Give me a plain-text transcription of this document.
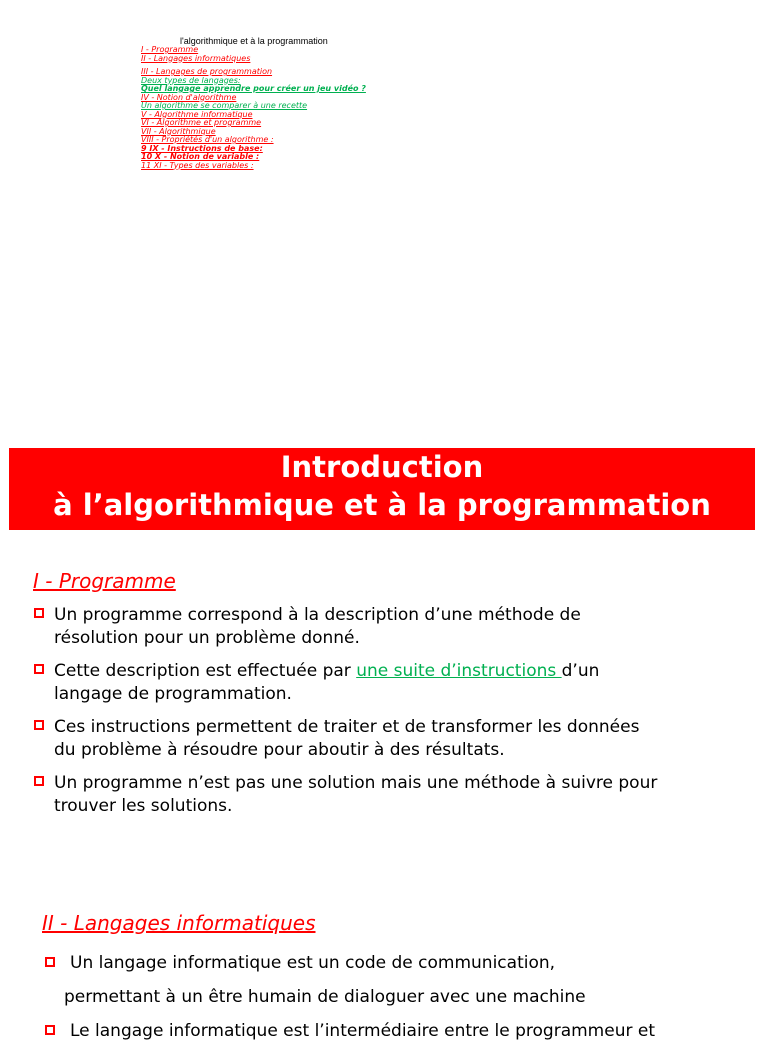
l'algorithmique et à la programmation
I - Programme
II - Langages informatiques
III - Langages de programmation
Deux types de langages:
Quel langage apprendre pour créer un jeu vidéo ?
IV - Notion d'algorithme
Un algorithme se comparer à une recette
V - Algorithme informatique
VI - Algorithme et programme
VII - Algorithmique
VIII - Propriétés d'un algorithme :
9 IX - Instructions de base:
10 X - Notion de variable :
11 XI - Types des variables :
Introduction
à l’algorithmique et à la programmation
I - Programme
Un programme correspond à la description d’une méthode de
résolution pour un problème donné.
Cette description est effectuée par une suite d’instructions d’un
langage de programmation.
Ces instructions permettent de traiter et de transformer les données
du problème à résoudre pour aboutir à des résultats.
Un programme n’est pas une solution mais une méthode à suivre pour
trouver les solutions.
II - Langages informatiques
Un langage informatique est un code de communication,
permettant à un être humain de dialoguer avec une machine
Le langage informatique est l’intermédiaire entre le programmeur et
